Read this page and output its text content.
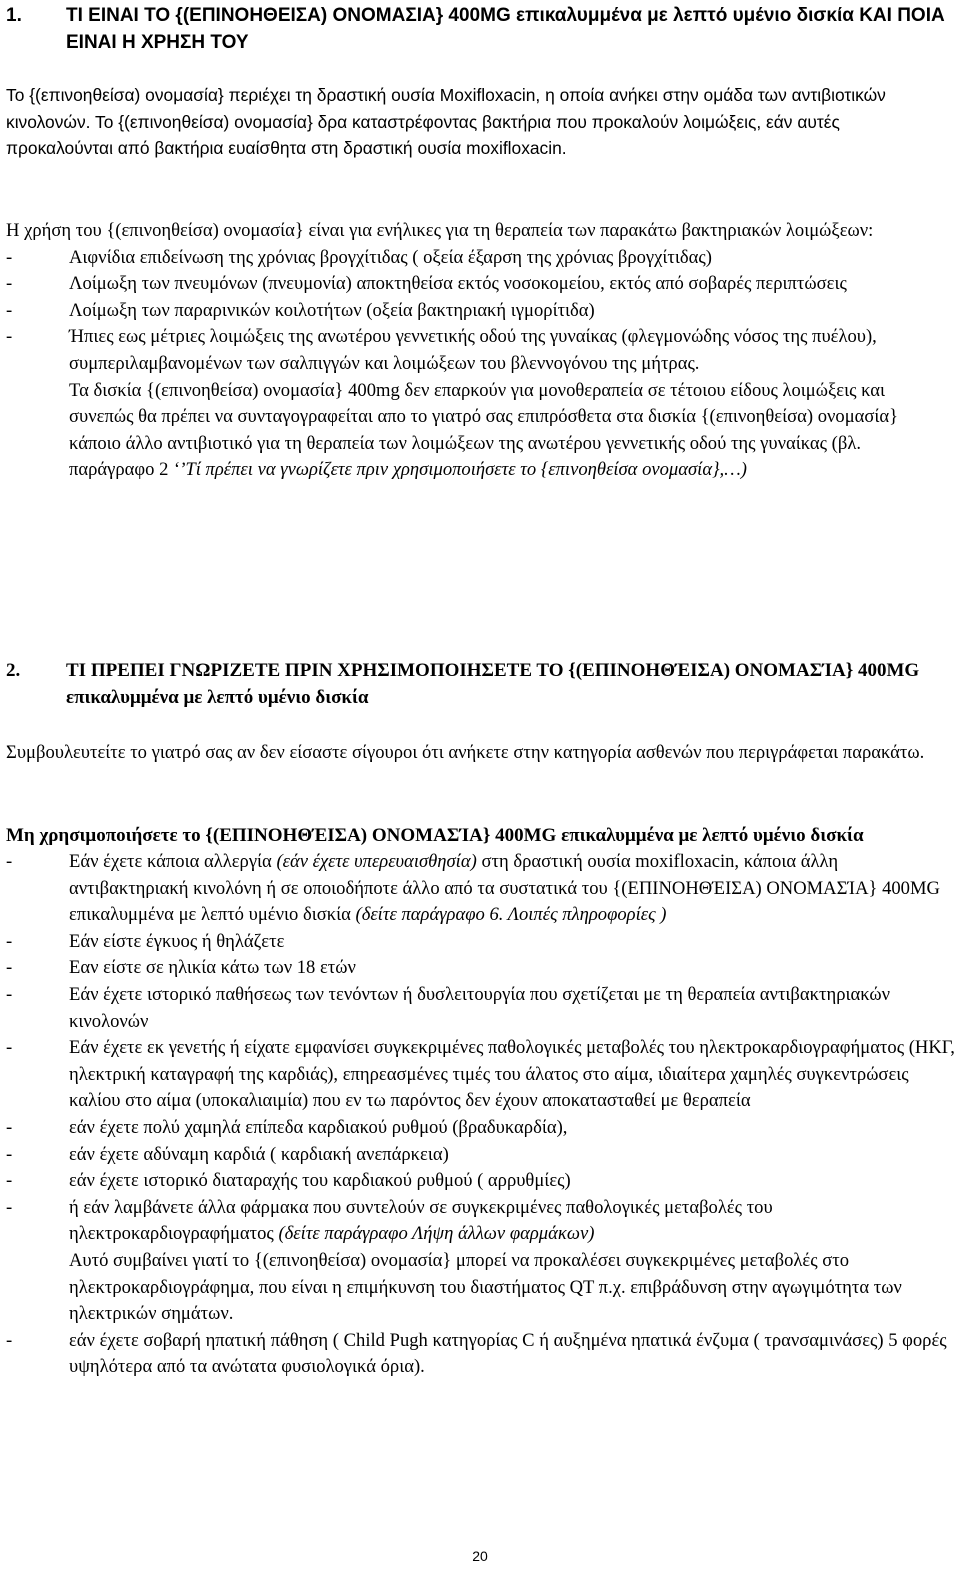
1.	ΤΙ ΕΙΝΑΙ ΤΟ {(ΕΠΙΝΟΗΘΕΙΣΑ) ΟΝΟΜΑΣΙΑ} 400MG επικαλυμμένα με λεπτό υμένιο δισκία ΚΑΙ ΠΟΙΑ ΕΙΝΑΙ Η ΧΡΗΣΗ ΤΟΥ

Το {(επινοηθείσα) ονομασία} περιέχει τη δραστική ουσία Moxifloxacin, η οποία ανήκει στην ομάδα των αντιβιοτικών κινολονών. Το {(επινοηθείσα) ονομασία} δρα καταστρέφοντας βακτήρια που προκαλούν λοιμώξεις, εάν αυτές προκαλούνται από βακτήρια ευαίσθητα στη δραστική ουσία moxifloxacin.

Η χρήση του {(επινοηθείσα) ονομασία} είναι για ενήλικες για τη θεραπεία των παρακάτω βακτηριακών λοιμώξεων:

-	Αιφνίδια επιδείνωση της χρόνιας βρογχίτιδας ( οξεία έξαρση της χρόνιας βρογχίτιδας)
-	Λοίμωξη των πνευμόνων (πνευμονία) αποκτηθείσα εκτός νοσοκομείου, εκτός από σοβαρές περιπτώσεις
-	Λοίμωξη των παραρινικών κοιλοτήτων (οξεία βακτηριακή ιγμορίτιδα)
-	Ήπιες εως μέτριες λοιμώξεις της ανωτέρου γεννετικής οδού της γυναίκας (φλεγμονώδης νόσος της πυέλου), συμπεριλαμβανομένων των σαλπιγγών και λοιμώξεων του βλεννογόνου της μήτρας.

Τα δισκία {(επινοηθείσα) ονομασία} 400mg δεν επαρκούν για μονοθεραπεία σε τέτοιου είδους λοιμώξεις και συνεπώς θα πρέπει να συνταγογραφείται απο το γιατρό σας επιπρόσθετα στα δισκία {(επινοηθείσα) ονομασία} κάποιο άλλο αντιβιοτικό για τη θεραπεία των λοιμώξεων της ανωτέρου γεννετικής οδού της γυναίκας (βλ. παράγραφο 2 ‘’Τί πρέπει να γνωρίζετε πριν χρησιμοποιήσετε το {επινοηθείσα ονομασία},…)

2.	ΤΙ ΠΡΕΠΕΙ ΓΝΩΡΙΖΕΤΕ ΠΡΙΝ ΧΡΗΣΙΜΟΠΟΙΗΣΕΤΕ ΤΟ {(ΕΠΙΝΟΗΘΈΙΣΑ) ΟΝΟΜΑΣΊΑ} 400MG επικαλυμμένα με λεπτό υμένιο δισκία

Συμβουλευτείτε το γιατρό σας αν δεν είσαστε σίγουροι ότι ανήκετε στην κατηγορία ασθενών που περιγράφεται παρακάτω.

Μη χρησιμοποιήσετε το {(ΕΠΙΝΟΗΘΈΙΣΑ) ΟΝΟΜΑΣΊΑ} 400MG επικαλυμμένα με λεπτό υμένιο δισκία

-	Εάν έχετε κάποια αλλεργία (εάν έχετε υπερευαισθησία) στη δραστική ουσία moxifloxacin, κάποια άλλη αντιβακτηριακή κινολόνη ή σε οποιοδήποτε άλλο από τα συστατικά του {(ΕΠΙΝΟΗΘΈΙΣΑ) ΟΝΟΜΑΣΊΑ} 400MG επικαλυμμένα με λεπτό υμένιο δισκία (δείτε παράγραφο 6. Λοιπές πληροφορίες )
-	Εάν είστε έγκυος ή θηλάζετε
-	Εαν είστε σε ηλικία κάτω των 18 ετών
-	Εάν έχετε ιστορικό παθήσεως των τενόντων ή δυσλειτουργία που σχετίζεται με τη θεραπεία αντιβακτηριακών κινολονών
-	Εάν έχετε εκ γενετής ή είχατε εμφανίσει συγκεκριμένες παθολογικές μεταβολές του ηλεκτροκαρδιογραφήματος (ΗΚΓ, ηλεκτρική καταγραφή της καρδιάς), επηρεασμένες τιμές του άλατος στο αίμα, ιδιαίτερα χαμηλές συγκεντρώσεις καλίου στο αίμα (υποκαλιαιμία) που εν τω παρόντος δεν έχουν αποκατασταθεί με θεραπεία
-	εάν έχετε πολύ χαμηλά επίπεδα καρδιακού ρυθμού (βραδυκαρδία),
-	εάν έχετε αδύναμη καρδιά ( καρδιακή ανεπάρκεια)
-	εάν έχετε ιστορικό διαταραχής του καρδιακού ρυθμού ( αρρυθμίες)
-	ή εάν λαμβάνετε άλλα φάρμακα που συντελούν σε συγκεκριμένες παθολογικές μεταβολές του ηλεκτροκαρδιογραφήματος (δείτε παράγραφο Λήψη άλλων φαρμάκων)

Αυτό συμβαίνει γιατί το {(επινοηθείσα) ονομασία} μπορεί να προκαλέσει συγκεκριμένες μεταβολές στο ηλεκτροκαρδιογράφημα, που είναι η επιμήκυνση του διαστήματος QT π.χ. επιβράδυνση στην αγωγιμότητα των ηλεκτρικών σημάτων.

-	εάν έχετε σοβαρή ηπατική πάθηση ( Child Pugh κατηγορίας C ή αυξημένα ηπατικά ένζυμα ( τρανσαμινάσες) 5 φορές υψηλότερα από τα ανώτατα φυσιολογικά όρια).
20
